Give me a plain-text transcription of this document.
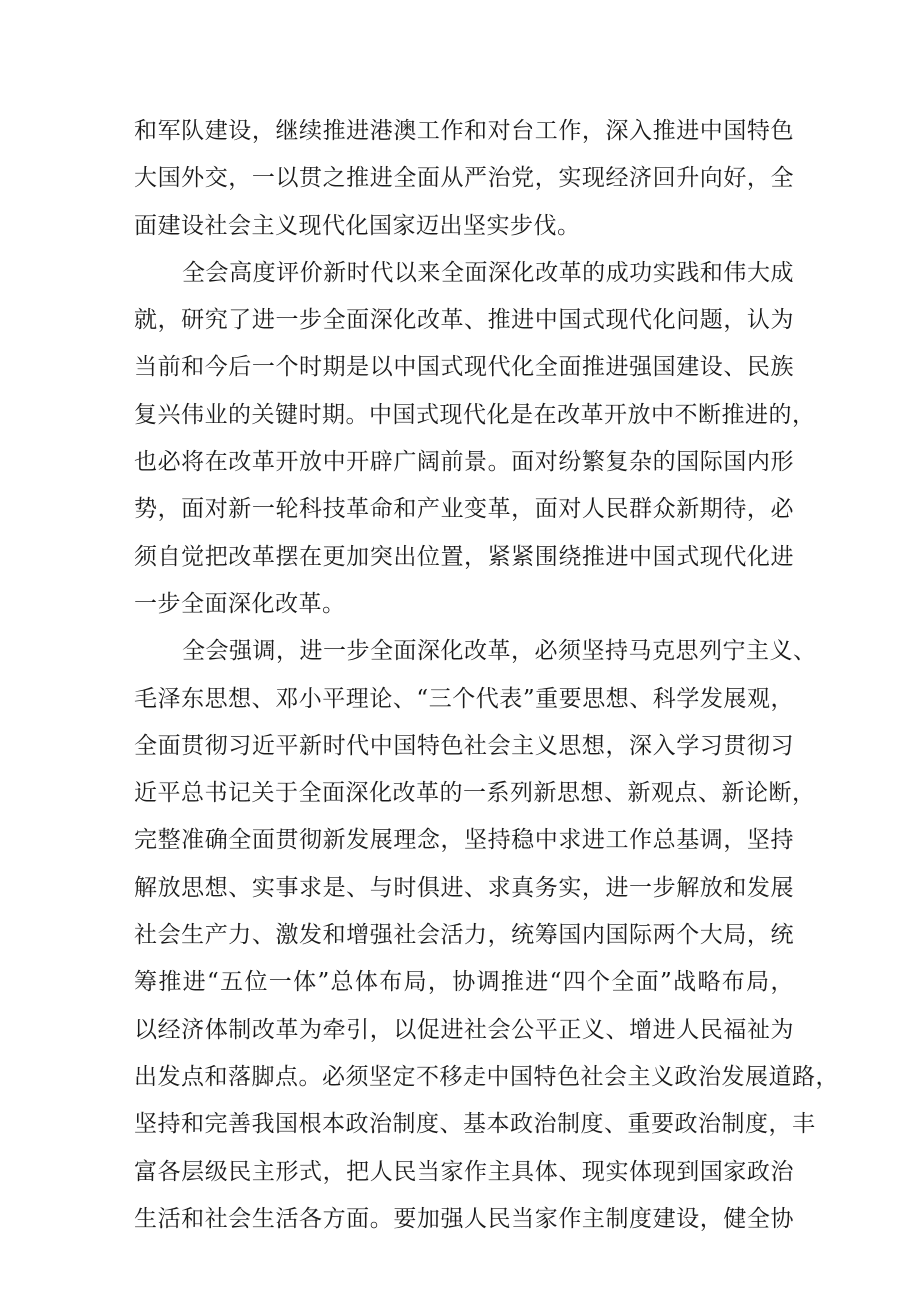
和军队建设，继续推进港澳工作和对台工作，深入推进中国特色
大国外交，一以贯之推进全面从严治党，实现经济回升向好，全
面建设社会主义现代化国家迈出坚实步伐。
全会高度评价新时代以来全面深化改革的成功实践和伟大成
就，研究了进一步全面深化改革、推进中国式现代化问题，认为
当前和今后一个时期是以中国式现代化全面推进强国建设、民族
复兴伟业的关键时期。中国式现代化是在改革开放中不断推进的，
也必将在改革开放中开辟广阔前景。面对纷繁复杂的国际国内形
势，面对新一轮科技革命和产业变革，面对人民群众新期待，必
须自觉把改革摆在更加突出位置，紧紧围绕推进中国式现代化进
一步全面深化改革。
全会强调，进一步全面深化改革，必须坚持马克思列宁主义、
毛泽东思想、邓小平理论、“三个代表”重要思想、科学发展观，
全面贯彻习近平新时代中国特色社会主义思想，深入学习贯彻习
近平总书记关于全面深化改革的一系列新思想、新观点、新论断，
完整准确全面贯彻新发展理念，坚持稳中求进工作总基调，坚持
解放思想、实事求是、与时俱进、求真务实，进一步解放和发展
社会生产力、激发和增强社会活力，统筹国内国际两个大局，统
筹推进“五位一体”总体布局，协调推进“四个全面”战略布局，
以经济体制改革为牵引，以促进社会公平正义、增进人民福祉为
出发点和落脚点。必须坚定不移走中国特色社会主义政治发展道路，
坚持和完善我国根本政治制度、基本政治制度、重要政治制度，丰
富各层级民主形式，把人民当家作主具体、现实体现到国家政治
生活和社会生活各方面。要加强人民当家作主制度建设，健全协
